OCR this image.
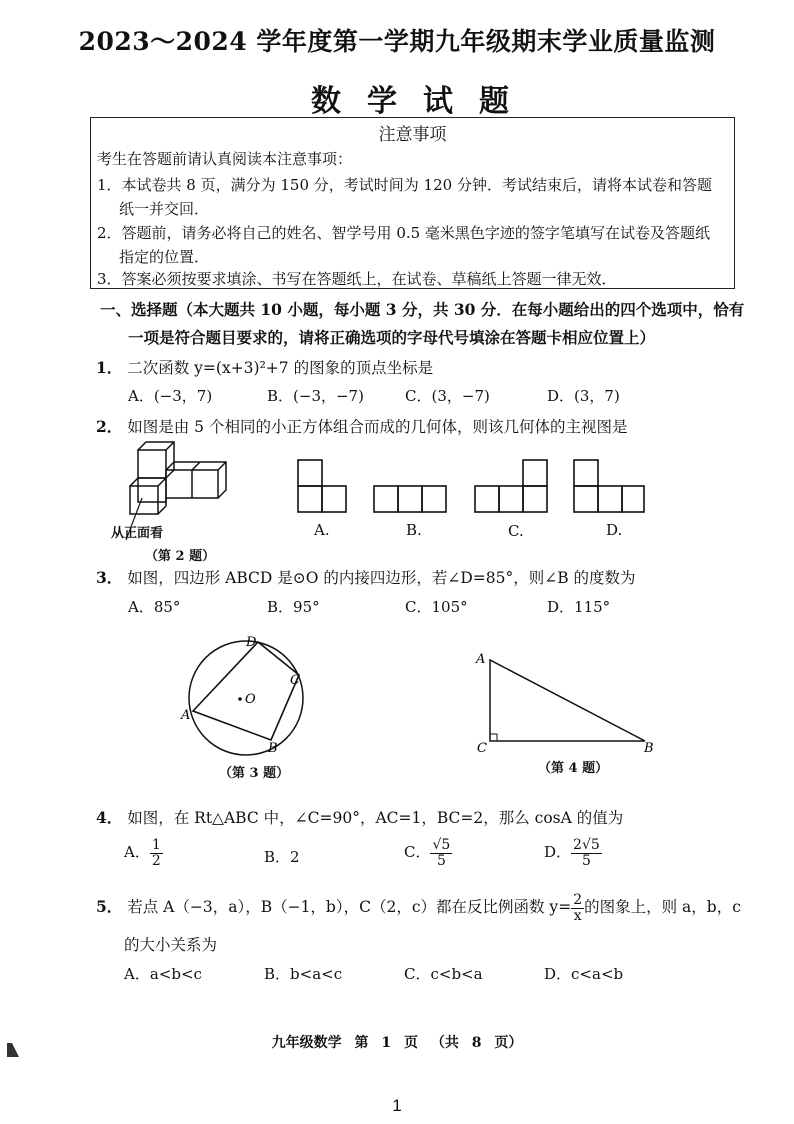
2023～2024 学年度第一学期九年级期末学业质量监测
数学试题
注意事项
考生在答题前请认真阅读本注意事项：
1．本试卷共 8 页，满分为 150 分，考试时间为 120 分钟．考试结束后，请将本试卷和答题
纸一并交回．
2．答题前，请务必将自己的姓名、智学号用 0.5 毫米黑色字迹的签字笔填写在试卷及答题纸
指定的位置．
3．答案必须按要求填涂、书写在答题纸上，在试卷、草稿纸上答题一律无效．
一、选择题（本大题共 10 小题，每小题 3 分，共 30 分．在每小题给出的四个选项中，恰有
一项是符合题目要求的，请将正确选项的字母代号填涂在答题卡相应位置上）
1． 二次函数 y=(x+3)²+7 的图象的顶点坐标是
A．(−3，7)	B．(−3，−7)	C．(3，−7)	D．(3，7)
2． 如图是由 5 个相同的小正方体组合而成的几何体，则该几何体的主视图是
从正面看
（第 2 题）
A.	B.	C.	D.
3． 如图，四边形 ABCD 是⊙O 的内接四边形，若∠D=85°，则∠B 的度数为
A．85°	B．95°	C．105°	D．115°
A
B
C
D
O
（第 3 题）
A
C	B
（第 4 题）
4． 如图，在 Rt△ABC 中，∠C=90°，AC=1，BC=2，那么 cosA 的值为
A． $\frac{1}{2}$	B．2	C． $\frac{√5}{5}$	D． $\frac{2√5}{5}$
5． 若点 A（−3，a），B（−1，b），C（2，c）都在反比例函数 $y= \frac{2}{x}$ 的图象上，则 a，b，c
的大小关系为
A．a<b<c	B．b<a<c	C．c<b<a	D．c<a<b
九年级数学 第 1 页 （共 8 页）
1
